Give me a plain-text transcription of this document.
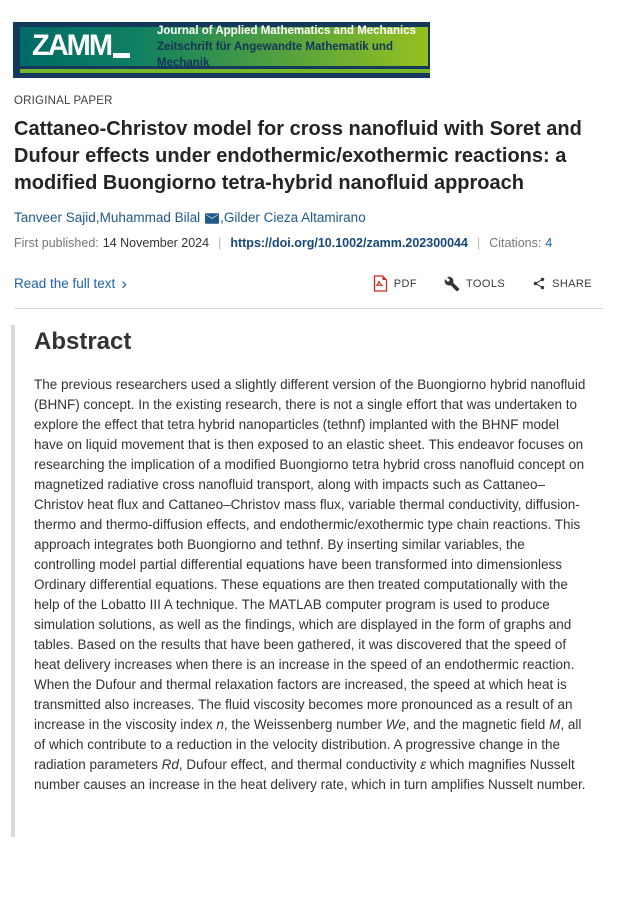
ZAMM	Journal of Applied Mathematics and Mechanics
Zeitschrift für Angewandte Mathematik und Mechanik
ORIGINAL PAPER
Cattaneo-Christov model for cross nanofluid with Soret and Dufour effects under endothermic/exothermic reactions: a modified Buongiorno tetra-hybrid nanofluid approach
Tanveer Sajid , Muhammad Bilal , Gilder Cieza Altamirano
First published: 14 November 2024 | https://doi.org/10.1002/zamm.202300044 | Citations: 4
Read the full text ›	PDF	TOOLS	SHARE
Abstract

The previous researchers used a slightly different version of the Buongiorno hybrid nanofluid (BHNF) concept. In the existing research, there is not a single effort that was undertaken to explore the effect that tetra hybrid nanoparticles (tethnf) implanted with the BHNF model have on liquid movement that is then exposed to an elastic sheet. This endeavor focuses on researching the implication of a modified Buongiorno tetra hybrid cross nanofluid concept on magnetized radiative cross nanofluid transport, along with impacts such as Cattaneo–Christov heat flux and Cattaneo–Christov mass flux, variable thermal conductivity, diffusion-thermo and thermo-diffusion effects, and endothermic/exothermic type chain reactions. This approach integrates both Buongiorno and tethnf. By inserting similar variables, the controlling model partial differential equations have been transformed into dimensionless Ordinary differential equations. These equations are then treated computationally with the help of the Lobatto III A technique. The MATLAB computer program is used to produce simulation solutions, as well as the findings, which are displayed in the form of graphs and tables. Based on the results that have been gathered, it was discovered that the speed of heat delivery increases when there is an increase in the speed of an endothermic reaction. When the Dufour and thermal relaxation factors are increased, the speed at which heat is transmitted also increases. The fluid viscosity becomes more pronounced as a result of an increase in the viscosity index n, the Weissenberg number We, and the magnetic field M, all of which contribute to a reduction in the velocity distribution. A progressive change in the radiation parameters Rd, Dufour effect, and thermal conductivity ε which magnifies Nusselt number causes an increase in the heat delivery rate, which in turn amplifies Nusselt number.
